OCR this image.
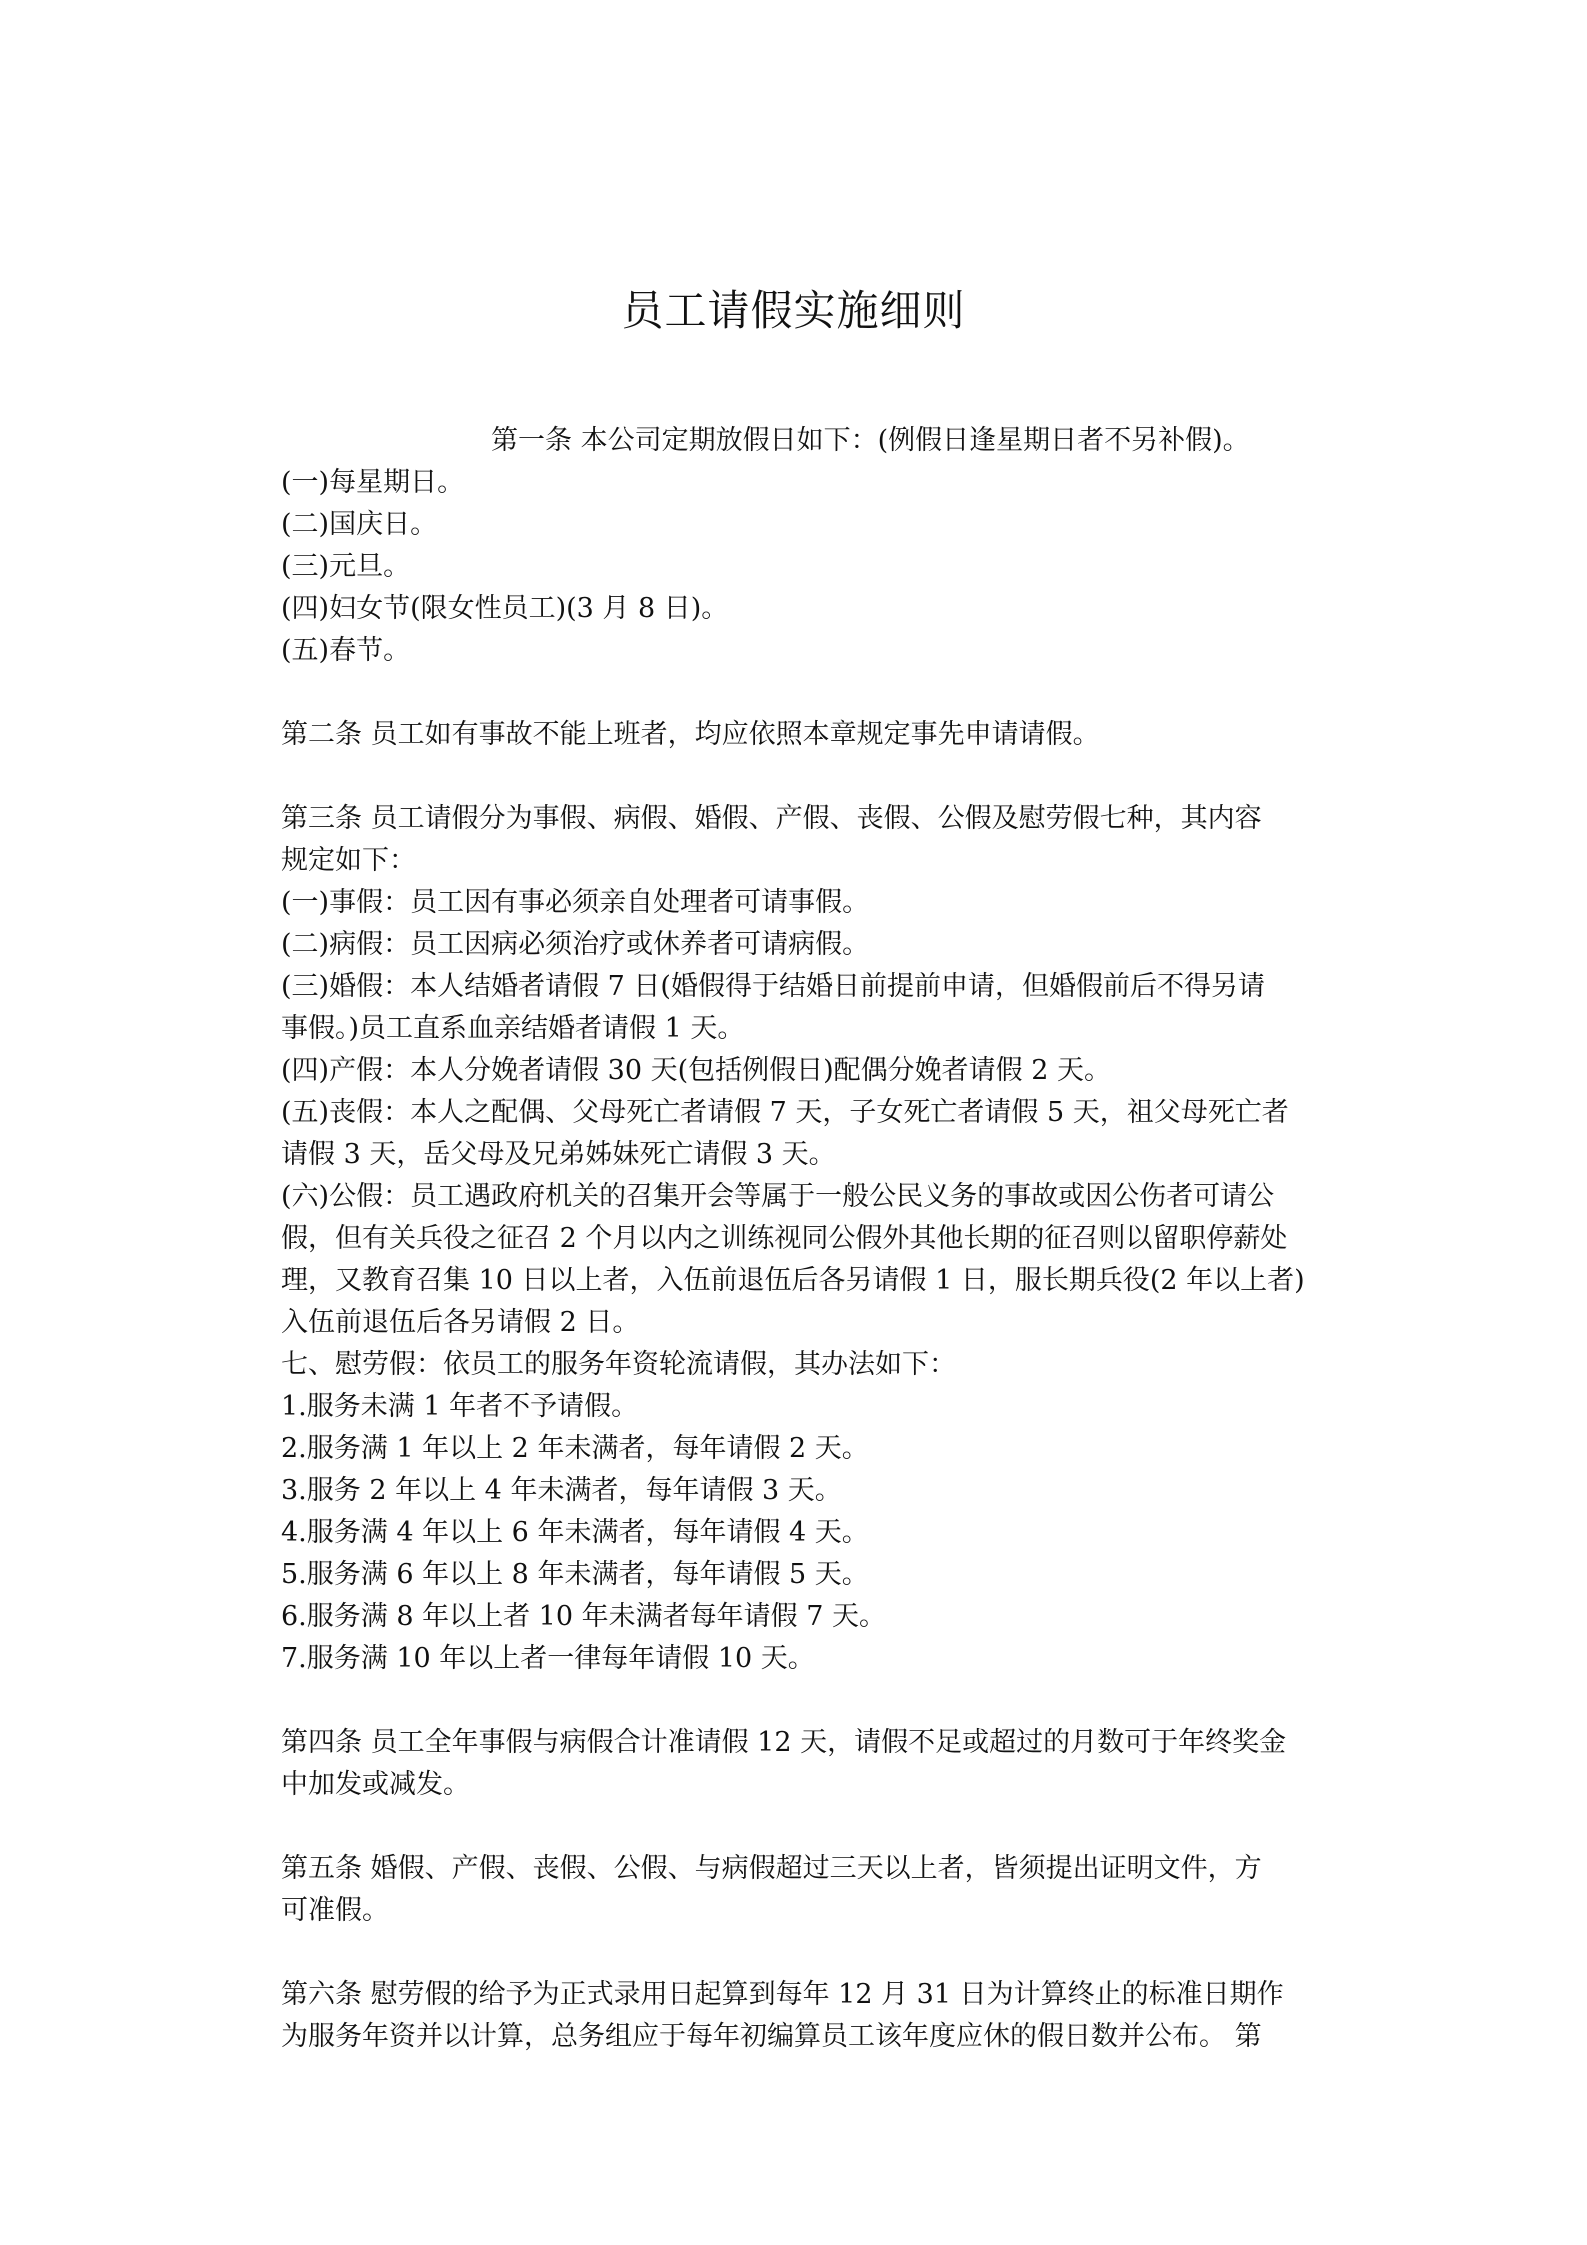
员工请假实施细则

第一条 本公司定期放假日如下：(例假日逢星期日者不另补假)。

(一)每星期日。

(二)国庆日。

(三)元旦。

(四)妇女节(限女性员工)(3 月 8 日)。

(五)春节。

第二条 员工如有事故不能上班者，均应依照本章规定事先申请请假。

第三条 员工请假分为事假、病假、婚假、产假、丧假、公假及慰劳假七种，其内容

规定如下：

(一)事假：员工因有事必须亲自处理者可请事假。

(二)病假：员工因病必须治疗或休养者可请病假。

(三)婚假：本人结婚者请假 7 日(婚假得于结婚日前提前申请，但婚假前后不得另请

事假。)员工直系血亲结婚者请假 1 天。

(四)产假：本人分娩者请假 30 天(包括例假日)配偶分娩者请假 2 天。

(五)丧假：本人之配偶、父母死亡者请假 7 天，子女死亡者请假 5 天，祖父母死亡者

请假 3 天，岳父母及兄弟姊妹死亡请假 3 天。

(六)公假：员工遇政府机关的召集开会等属于一般公民义务的事故或因公伤者可请公

假，但有关兵役之征召 2 个月以内之训练视同公假外其他长期的征召则以留职停薪处

理，又教育召集 10 日以上者，入伍前退伍后各另请假 1 日，服长期兵役(2 年以上者)

入伍前退伍后各另请假 2 日。

七、慰劳假：依员工的服务年资轮流请假，其办法如下：

1.服务未满 1 年者不予请假。

2.服务满 1 年以上 2 年未满者，每年请假 2 天。

3.服务 2 年以上 4 年未满者，每年请假 3 天。

4.服务满 4 年以上 6 年未满者，每年请假 4 天。

5.服务满 6 年以上 8 年未满者，每年请假 5 天。

6.服务满 8 年以上者 10 年未满者每年请假 7 天。

7.服务满 10 年以上者一律每年请假 10 天。

第四条 员工全年事假与病假合计准请假 12 天，请假不足或超过的月数可于年终奖金

中加发或减发。

第五条 婚假、产假、丧假、公假、与病假超过三天以上者，皆须提出证明文件，方

可准假。

第六条 慰劳假的给予为正式录用日起算到每年 12 月 31 日为计算终止的标准日期作

为服务年资并以计算，总务组应于每年初编算员工该年度应休的假日数并公布。 第
